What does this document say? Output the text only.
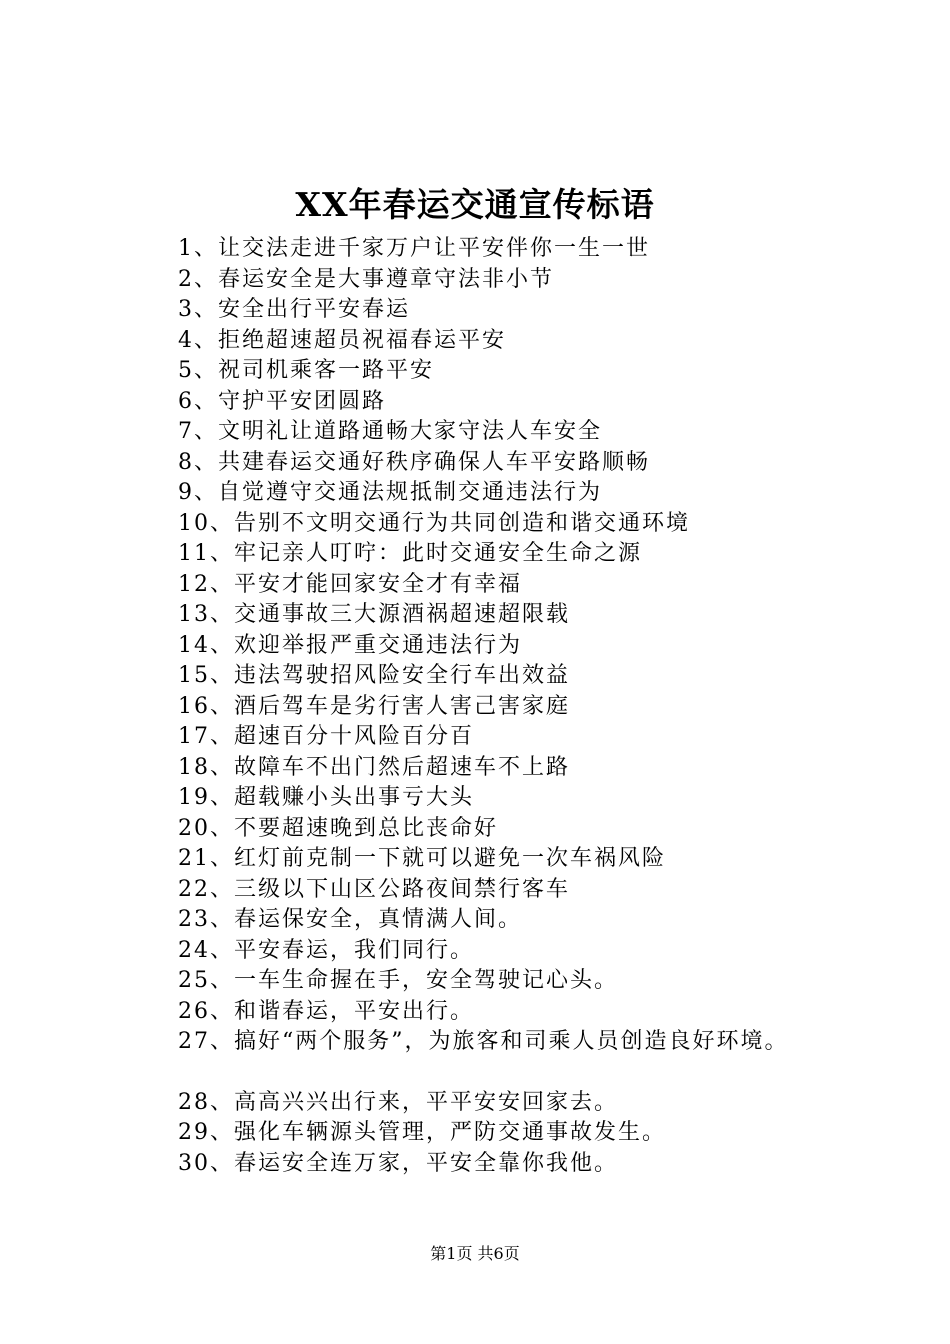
XX年春运交通宣传标语
1、让交法走进千家万户让平安伴你一生一世
2、春运安全是大事遵章守法非小节
3、安全出行平安春运
4、拒绝超速超员祝福春运平安
5、祝司机乘客一路平安
6、守护平安团圆路
7、文明礼让道路通畅大家守法人车安全
8、共建春运交通好秩序确保人车平安路顺畅
9、自觉遵守交通法规抵制交通违法行为
10、告别不文明交通行为共同创造和谐交通环境
11、牢记亲人叮咛：此时交通安全生命之源
12、平安才能回家安全才有幸福
13、交通事故三大源酒祸超速超限载
14、欢迎举报严重交通违法行为
15、违法驾驶招风险安全行车出效益
16、酒后驾车是劣行害人害己害家庭
17、超速百分十风险百分百
18、故障车不出门然后超速车不上路
19、超载赚小头出事亏大头
20、不要超速晚到总比丧命好
21、红灯前克制一下就可以避免一次车祸风险
22、三级以下山区公路夜间禁行客车
23、春运保安全，真情满人间。
24、平安春运，我们同行。
25、一车生命握在手，安全驾驶记心头。
26、和谐春运，平安出行。
27、搞好“两个服务”，为旅客和司乘人员创造良好环境。
28、高高兴兴出行来，平平安安回家去。
29、强化车辆源头管理，严防交通事故发生。
30、春运安全连万家，平安全靠你我他。
第1页 共6页
